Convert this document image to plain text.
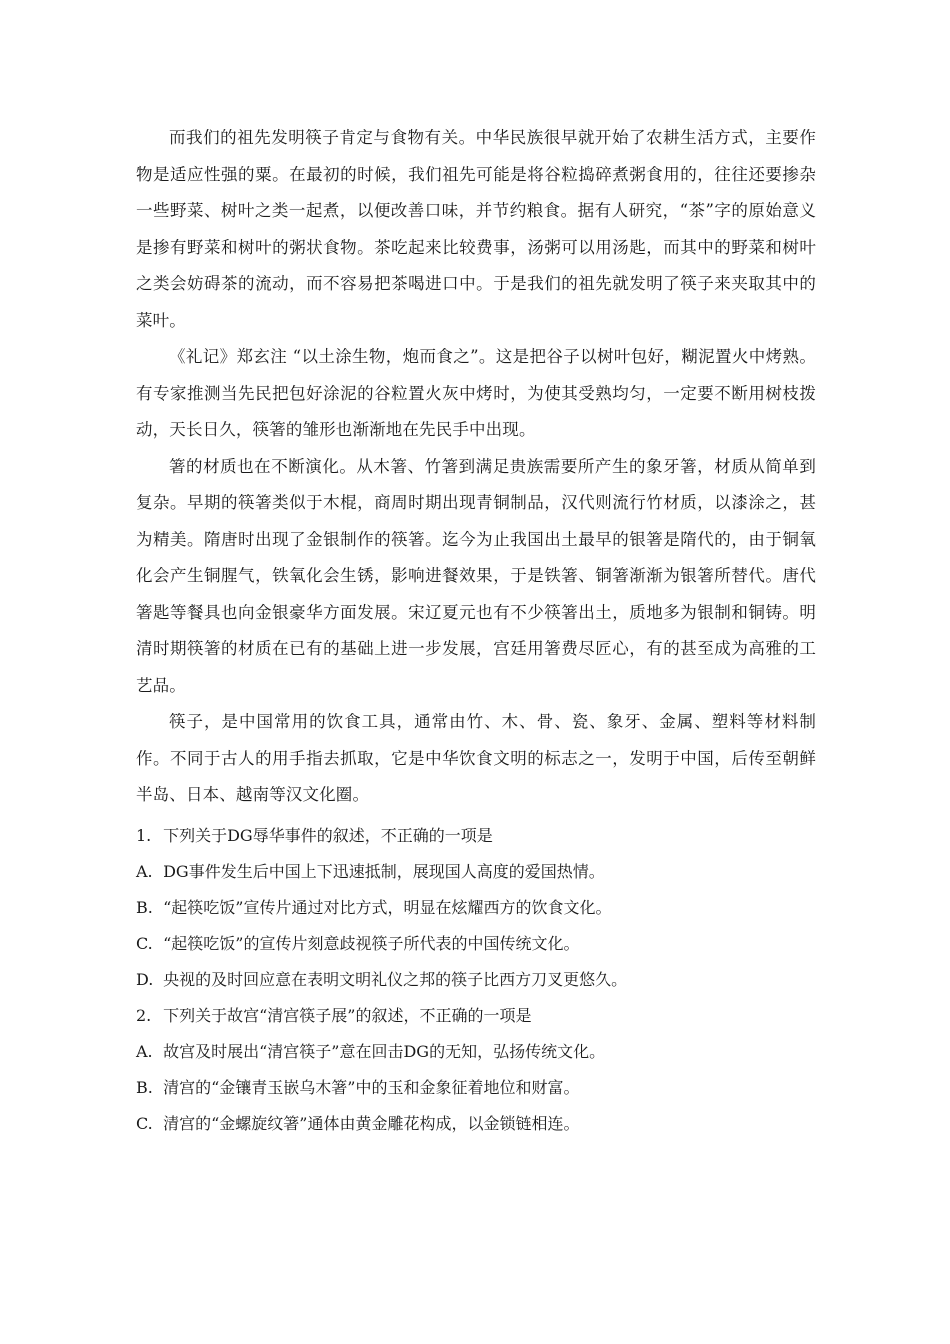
而我们的祖先发明筷子肯定与食物有关。中华民族很早就开始了农耕生活方式，主要作物是适应性强的粟。在最初的时候，我们祖先可能是将谷粒捣碎煮粥食用的，往往还要掺杂一些野菜、树叶之类一起煮，以便改善口味，并节约粮食。据有人研究，“茶”字的原始意义是掺有野菜和树叶的粥状食物。茶吃起来比较费事，汤粥可以用汤匙，而其中的野菜和树叶之类会妨碍茶的流动，而不容易把茶喝进口中。于是我们的祖先就发明了筷子来夹取其中的菜叶。

《礼记》郑玄注 “以土涂生物，炮而食之”。这是把谷子以树叶包好，糊泥置火中烤熟。有专家推测当先民把包好涂泥的谷粒置火灰中烤时，为使其受熟均匀，一定要不断用树枝拨动，天长日久，筷箸的雏形也渐渐地在先民手中出现。

箸的材质也在不断演化。从木箸、竹箸到满足贵族需要所产生的象牙箸，材质从简单到复杂。早期的筷箸类似于木棍，商周时期出现青铜制品，汉代则流行竹材质，以漆涂之，甚为精美。隋唐时出现了金银制作的筷箸。迄今为止我国出土最早的银箸是隋代的，由于铜氧化会产生铜腥气，铁氧化会生锈，影响进餐效果，于是铁箸、铜箸渐渐为银箸所替代。唐代箸匙等餐具也向金银豪华方面发展。宋辽夏元也有不少筷箸出土，质地多为银制和铜铸。明清时期筷箸的材质在已有的基础上进一步发展，宫廷用箸费尽匠心，有的甚至成为高雅的工艺品。

筷子，是中国常用的饮食工具，通常由竹、木、骨、瓷、象牙、金属、塑料等材料制作。不同于古人的用手指去抓取，它是中华饮食文明的标志之一，发明于中国，后传至朝鲜半岛、日本、越南等汉文化圈。

1. 下列关于DG辱华事件的叙述，不正确的一项是

A. DG事件发生后中国上下迅速抵制，展现国人高度的爱国热情。

B. “起筷吃饭”宣传片通过对比方式，明显在炫耀西方的饮食文化。

C. “起筷吃饭”的宣传片刻意歧视筷子所代表的中国传统文化。

D. 央视的及时回应意在表明文明礼仪之邦的筷子比西方刀叉更悠久。

2. 下列关于故宫“清宫筷子展”的叙述，不正确的一项是

A. 故宫及时展出“清宫筷子”意在回击DG的无知，弘扬传统文化。

B. 清宫的“金镶青玉嵌乌木箸”中的玉和金象征着地位和财富。

C. 清宫的“金螺旋纹箸”通体由黄金雕花构成，以金锁链相连。
